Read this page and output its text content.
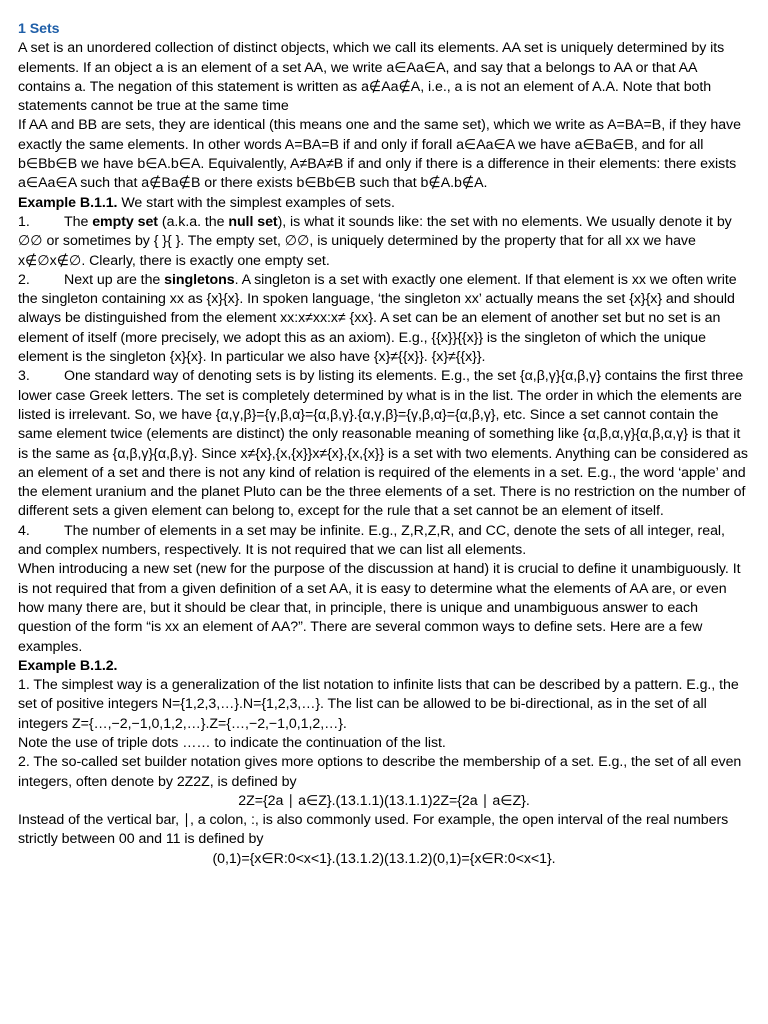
1 Sets

A set is an unordered collection of distinct objects, which we call its elements. AA set is uniquely determined by its elements. If an object a is an element of a set AA, we write a∈Aa∈A, and say that a belongs to AA or that AA contains a. The negation of this statement is written as a∉Aa∉A, i.e., a is not an element of A.A. Note that both statements cannot be true at the same time

If AA and BB are sets, they are identical (this means one and the same set), which we write as A=BA=B, if they have exactly the same elements. In other words A=BA=B if and only if forall a∈Aa∈A we have a∈Ba∈B, and for all b∈Bb∈B we have b∈A.b∈A. Equivalently, A≠BA≠B if and only if there is a difference in their elements: there exists a∈Aa∈A such that a∉Ba∉B or there exists b∈Bb∈B such that b∉A.b∉A.

Example B.1.1. We start with the simplest examples of sets.

1. The empty set (a.k.a. the null set), is what it sounds like: the set with no elements. We usually denote it by ∅∅ or sometimes by { }{ }. The empty set, ∅∅, is uniquely determined by the property that for all xx we have x∉∅x∉∅. Clearly, there is exactly one empty set.

2. Next up are the singletons. A singleton is a set with exactly one element. If that element is xx we often write the singleton containing xx as {x}{x}. In spoken language, ‘the singleton xx’ actually means the set {x}{x} and should always be distinguished from the element xx:x≠xx:x≠ {xx}. A set can be an element of another set but no set is an element of itself (more precisely, we adopt this as an axiom). E.g., {{x}}{{x}} is the singleton of which the unique element is the singleton {x}{x}. In particular we also have {x}≠{{x}}. {x}≠{{x}}.

3. One standard way of denoting sets is by listing its elements. E.g., the set {α,β,γ}{α,β,γ} contains the first three lower case Greek letters. The set is completely determined by what is in the list. The order in which the elements are listed is irrelevant. So, we have {α,γ,β}={γ,β,α}={α,β,γ}.{α,γ,β}={γ,β,α}={α,β,γ}, etc. Since a set cannot contain the same element twice (elements are distinct) the only reasonable meaning of something like {α,β,α,γ}{α,β,α,γ} is that it is the same as {α,β,γ}{α,β,γ}. Since x≠{x},{x,{x}}x≠{x},{x,{x}} is a set with two elements. Anything can be considered as an element of a set and there is not any kind of relation is required of the elements in a set. E.g., the word ‘apple’ and the element uranium and the planet Pluto can be the three elements of a set. There is no restriction on the number of different sets a given element can belong to, except for the rule that a set cannot be an element of itself.

4. The number of elements in a set may be infinite. E.g., Z,R,Z,R, and CC, denote the sets of all integer, real, and complex numbers, respectively. It is not required that we can list all elements.

When introducing a new set (new for the purpose of the discussion at hand) it is crucial to define it unambiguously. It is not required that from a given definition of a set AA, it is easy to determine what the elements of AA are, or even how many there are, but it should be clear that, in principle, there is unique and unambiguous answer to each question of the form “is xx an element of AA?”. There are several common ways to define sets. Here are a few examples.

Example B.1.2.

1. The simplest way is a generalization of the list notation to infinite lists that can be described by a pattern. E.g., the set of positive integers N={1,2,3,…}.N={1,2,3,…}. The list can be allowed to be bi-directional, as in the set of all integers Z={…,−2,−1,0,1,2,…}.Z={…,−2,−1,0,1,2,…}.

Note the use of triple dots …… to indicate the continuation of the list.

2. The so-called set builder notation gives more options to describe the membership of a set. E.g., the set of all even integers, often denote by 2Z2Z, is defined by

2Z={2a ∣ a∈Z}.(13.1.1)(13.1.1)2Z={2a ∣ a∈Z}.

Instead of the vertical bar, ∣, a colon, :, is also commonly used. For example, the open interval of the real numbers strictly between 00 and 11 is defined by

(0,1)={x∈R:0<x<1}.(13.1.2)(13.1.2)(0,1)={x∈R:0<x<1}.
